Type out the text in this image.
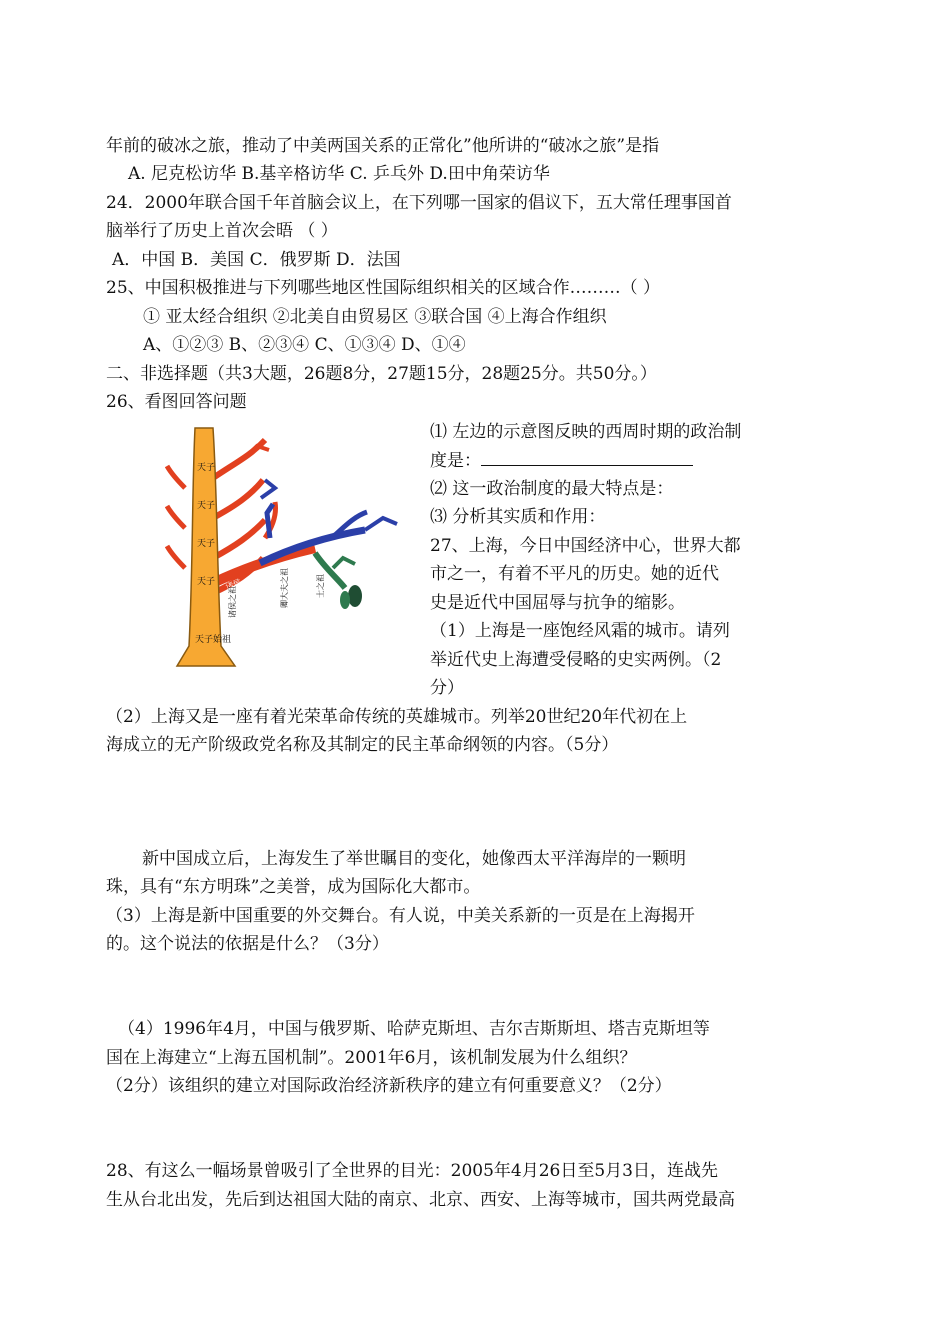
年前的破冰之旅，推动了中美两国关系的正常化”他所讲的“破冰之旅”是指
A. 尼克松访华 B.基辛格访华 C. 乒乓外 D.田中角荣访华
24．2000年联合国千年首脑会议上，在下列哪一国家的倡议下，五大常任理事国首
脑举行了历史上首次会晤 （ ）
A．中国 B．美国 C．俄罗斯 D．法国
25、中国积极推进与下列哪些地区性国际组织相关的区域合作………（ ）
① 亚太经合组织 ②北美自由贸易区 ③联合国 ④上海合作组织
A、①②③ B、②③④ C、①③④ D、①④
二、非选择题（共3大题，26题8分，27题15分，28题25分。共50分。）
26、看图回答问题
天子
天子
天子
天子
天子始祖
诸侯
诸侯之祖	卿大夫之祖	士之祖
⑴ 左边的示意图反映的西周时期的政治制
度是：
⑵ 这一政治制度的最大特点是：
⑶ 分析其实质和作用：
27、上海，今日中国经济中心，世界大都
市之一，有着不平凡的历史。她的近代
史是近代中国屈辱与抗争的缩影。
（1）上海是一座饱经风霜的城市。请列
举近代史上海遭受侵略的史实两例。（2
分）
（2）上海又是一座有着光荣革命传统的英雄城市。列举20世纪20年代初在上
海成立的无产阶级政党名称及其制定的民主革命纲领的内容。（5分）
新中国成立后，上海发生了举世瞩目的变化，她像西太平洋海岸的一颗明
珠，具有“东方明珠”之美誉，成为国际化大都市。
（3）上海是新中国重要的外交舞台。有人说，中美关系新的一页是在上海揭开
的。这个说法的依据是什么？（3分）
（4）1996年4月，中国与俄罗斯、哈萨克斯坦、吉尔吉斯斯坦、塔吉克斯坦等
国在上海建立“上海五国机制”。2001年6月，该机制发展为什么组织？
（2分）该组织的建立对国际政治经济新秩序的建立有何重要意义？（2分）
28、有这么一幅场景曾吸引了全世界的目光：2005年4月26日至5月3日，连战先
生从台北出发，先后到达祖国大陆的南京、北京、西安、上海等城市，国共两党最高
